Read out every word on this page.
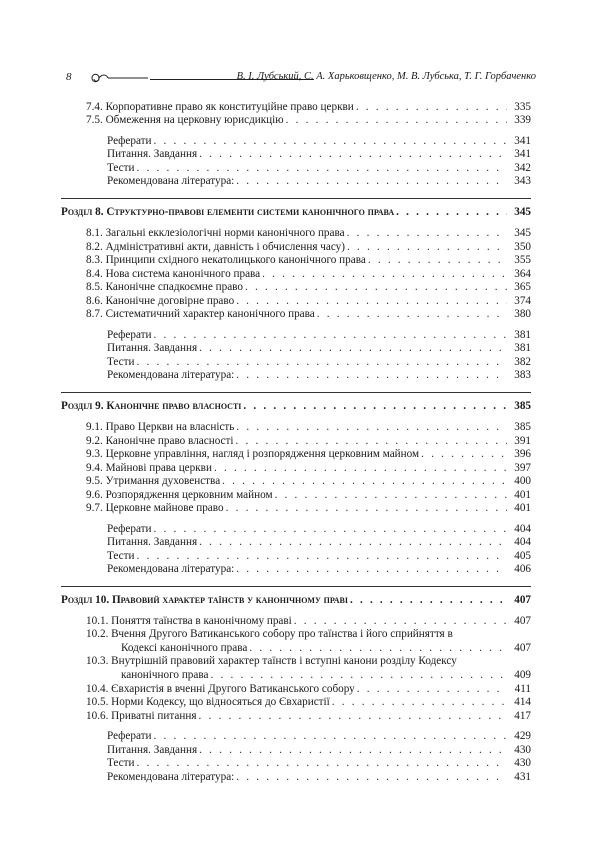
8	В. І. Лубський, С. А. Харьковщенко, М. В. Лубська, Т. Г. Горбаченко
7.4. Корпоративне право як конституційне право церкви . . .	335
7.5. Обмеження на церковну юрисдикцію . . .	339
Реферати . . .	341
Питання. Завдання . . .	341
Тести . . .	342
Рекомендована література: . . .	343
Розділ 8. Структурно-правові елементи системи канонічного права . . .	345
8.1. Загальні екклезіологічні норми канонічного права . . .	345
8.2. Адміністративні акти, давність і обчислення часу) . . .	350
8.3. Принципи східного некатолицького канонічного права . . .	355
8.4. Нова система канонічного права . . .	364
8.5. Канонічне спадкоємне право . . .	365
8.6. Канонічне договірне право . . .	374
8.7. Систематичний характер канонічного права . . .	380
Реферати . . .	381
Питання. Завдання . . .	381
Тести . . .	382
Рекомендована література: . . .	383
Розділ 9. Канонічне право власності . . .	385
9.1. Право Церкви на власність . . .	385
9.2. Канонічне право власності . . .	391
9.3. Церковне управління, нагляд і розпорядження церковним майном . . .	396
9.4. Майнові права церкви . . .	397
9.5. Утримання духовенства . . .	400
9.6. Розпорядження церковним майном . . .	401
9.7. Церковне майнове право . . .	401
Реферати . . .	404
Питання. Завдання . . .	404
Тести . . .	405
Рекомендована література: . . .	406
Розділ 10. Правовий характер таїнств у канонічному праві . . .	407
10.1. Поняття таїнства в канонічному праві . . .	407
10.2. Вчення Другого Ватиканського собору про таїнства і його сприйняття в
Кодексі канонічного права . . .	407
10.3. Внутрішній правовий характер таїнств і вступні канони розділу Кодексу
канонічного права . . .	409
10.4. Євхаристія в вченні Другого Ватиканського собору . . .	411
10.5. Норми Кодексу, що відносяться до Євхаристії . . .	414
10.6. Приватні питання . . .	417
Реферати . . .	429
Питання. Завдання . . .	430
Тести . . .	430
Рекомендована література: . . .	431
